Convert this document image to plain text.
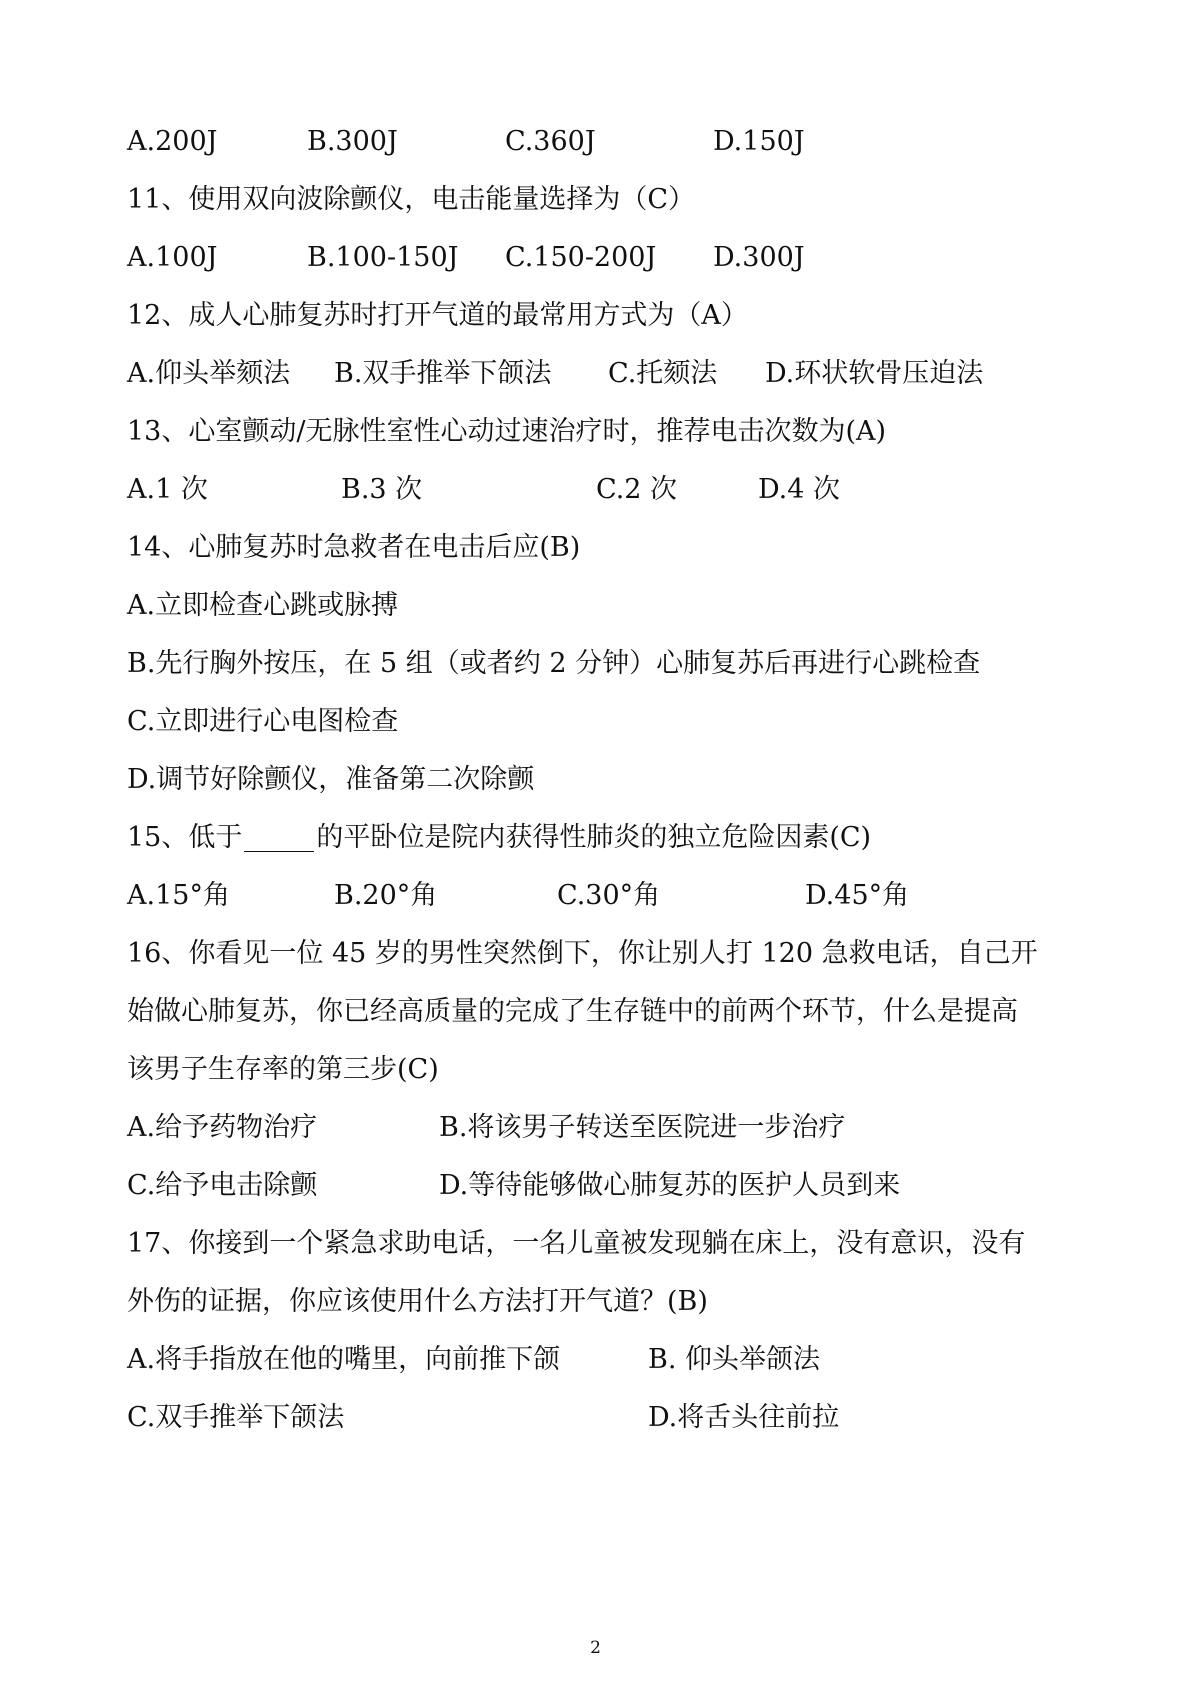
A.200J	B.300J	C.360J	D.150J
11、使用双向波除颤仪，电击能量选择为（C）
A.100J	B.100-150J C.150-200J D.300J
12、成人心肺复苏时打开气道的最常用方式为（A）
A.仰头举颏法 B.双手推举下颌法 C.托颏法 D.环状软骨压迫法
13、心室颤动/无脉性室性心动过速治疗时，推荐电击次数为(A)
A.1 次	B.3 次	C.2 次	D.4 次
14、心肺复苏时急救者在电击后应(B)
A.立即检查心跳或脉搏
B.先行胸外按压，在 5 组（或者约 2 分钟）心肺复苏后再进行心跳检查
C.立即进行心电图检查
D.调节好除颤仪，准备第二次除颤
15、低于	的平卧位是院内获得性肺炎的独立危险因素(C)
A.15°角	B.20°角	C.30°角	D.45°角
16、你看见一位 45 岁的男性突然倒下，你让别人打 120 急救电话，自己开
始做心肺复苏，你已经高质量的完成了生存链中的前两个环节，什么是提高
该男子生存率的第三步(C)
A.给予药物治疗	B.将该男子转送至医院进一步治疗
C.给予电击除颤	D.等待能够做心肺复苏的医护人员到来
17、你接到一个紧急求助电话，一名儿童被发现躺在床上，没有意识，没有
外伤的证据，你应该使用什么方法打开气道？(B)
A.将手指放在他的嘴里，向前推下颌	B. 仰头举颌法
C.双手推举下颌法	D.将舌头往前拉
2
